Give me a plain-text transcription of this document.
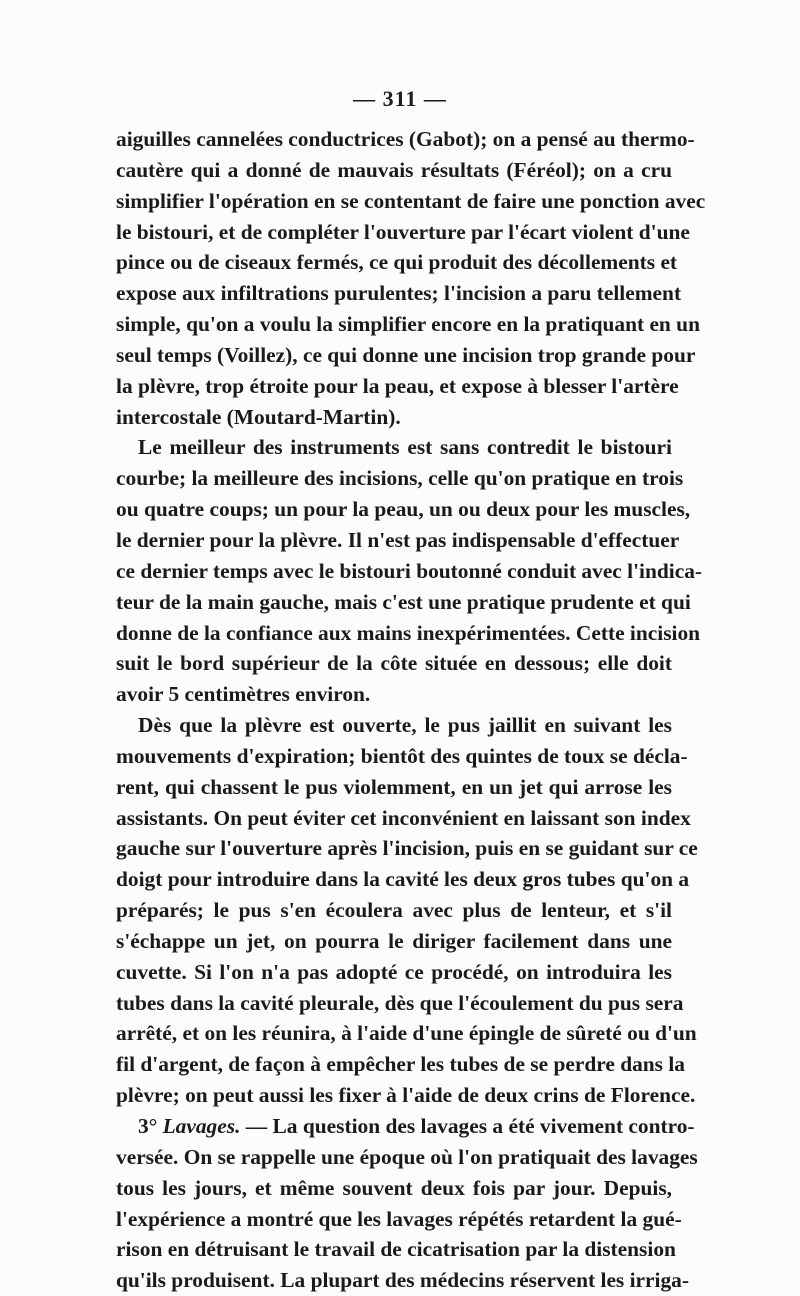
— 311 —

aiguilles cannelées conductrices (Gabot); on a pensé au thermo-
cautère qui a donné de mauvais résultats (Féréol); on a cru
simplifier l'opération en se contentant de faire une ponction avec
le bistouri, et de compléter l'ouverture par l'écart violent d'une
pince ou de ciseaux fermés, ce qui produit des décollements et
expose aux infiltrations purulentes; l'incision a paru tellement
simple, qu'on a voulu la simplifier encore en la pratiquant en un
seul temps (Voillez), ce qui donne une incision trop grande pour
la plèvre, trop étroite pour la peau, et expose à blesser l'artère
intercostale (Moutard-Martin).

Le meilleur des instruments est sans contredit le bistouri
courbe; la meilleure des incisions, celle qu'on pratique en trois
ou quatre coups; un pour la peau, un ou deux pour les muscles,
le dernier pour la plèvre. Il n'est pas indispensable d'effectuer
ce dernier temps avec le bistouri boutonné conduit avec l'indica-
teur de la main gauche, mais c'est une pratique prudente et qui
donne de la confiance aux mains inexpérimentées. Cette incision
suit le bord supérieur de la côte située en dessous; elle doit
avoir 5 centimètres environ.

Dès que la plèvre est ouverte, le pus jaillit en suivant les
mouvements d'expiration; bientôt des quintes de toux se décla-
rent, qui chassent le pus violemment, en un jet qui arrose les
assistants. On peut éviter cet inconvénient en laissant son index
gauche sur l'ouverture après l'incision, puis en se guidant sur ce
doigt pour introduire dans la cavité les deux gros tubes qu'on a
préparés; le pus s'en écoulera avec plus de lenteur, et s'il
s'échappe un jet, on pourra le diriger facilement dans une
cuvette. Si l'on n'a pas adopté ce procédé, on introduira les
tubes dans la cavité pleurale, dès que l'écoulement du pus sera
arrêté, et on les réunira, à l'aide d'une épingle de sûreté ou d'un
fil d'argent, de façon à empêcher les tubes de se perdre dans la
plèvre; on peut aussi les fixer à l'aide de deux crins de Florence.

3° Lavages. — La question des lavages a été vivement contro-
versée. On se rappelle une époque où l'on pratiquait des lavages
tous les jours, et même souvent deux fois par jour. Depuis,
l'expérience a montré que les lavages répétés retardent la gué-
rison en détruisant le travail de cicatrisation par la distension
qu'ils produisent. La plupart des médecins réservent les irriga-
